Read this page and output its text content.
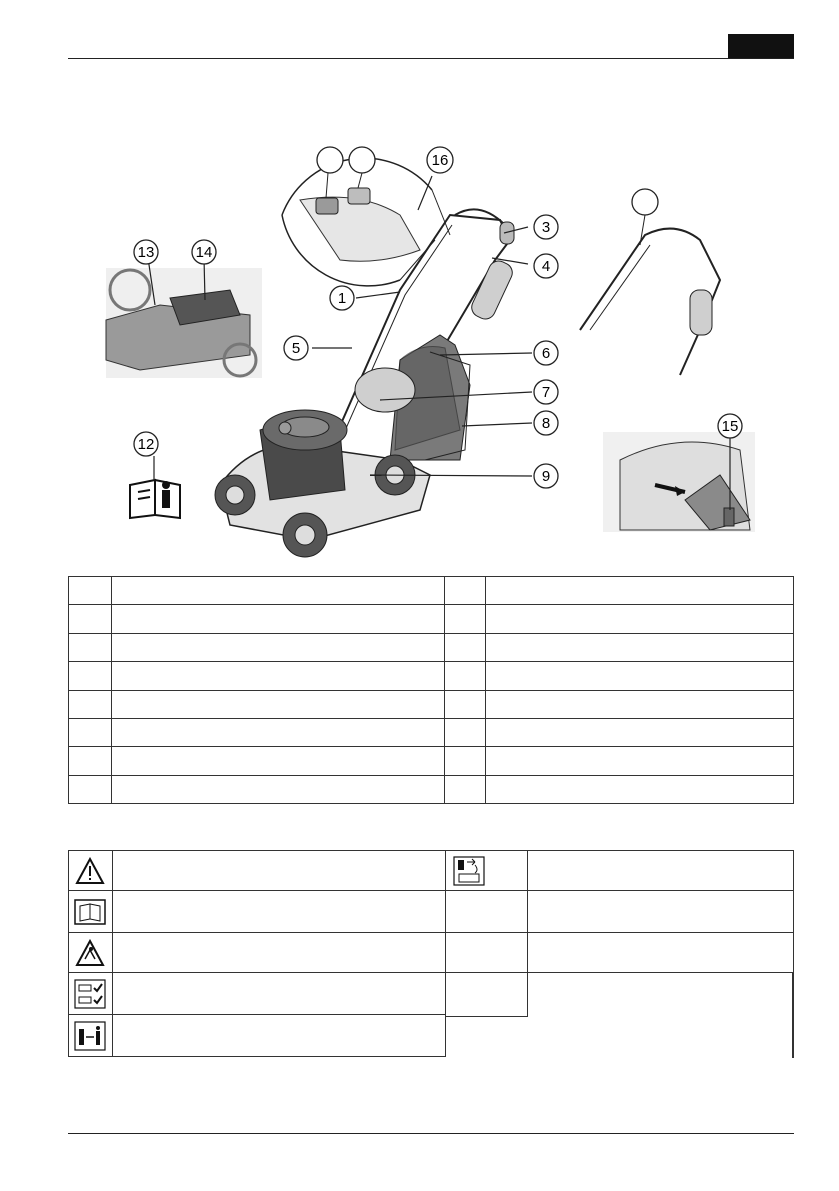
1
3
4
5	6
7
8
9
12
13	14
15
16
